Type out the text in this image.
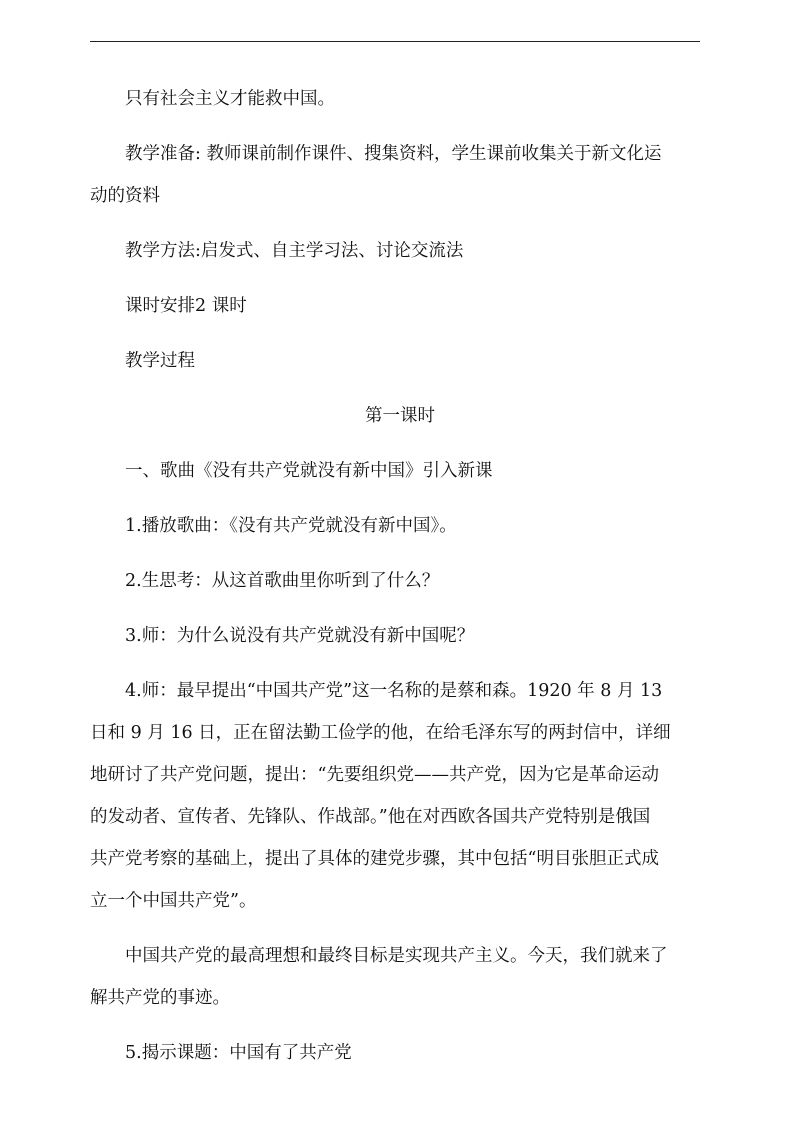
只有社会主义才能救中国。

教学准备: 教师课前制作课件、搜集资料，学生课前收集关于新文化运
动的资料

教学方法:启发式、自主学习法、讨论交流法

课时安排2 课时

教学过程

第一课时

一、歌曲《没有共产党就没有新中国》引入新课

1.播放歌曲：《没有共产党就没有新中国》。

2.生思考：从这首歌曲里你听到了什么？

3.师：为什么说没有共产党就没有新中国呢？

4.师：最早提出“中国共产党”这一名称的是蔡和森。1920 年 8 月 13
日和 9 月 16 日，正在留法勤工俭学的他，在给毛泽东写的两封信中，详细
地研讨了共产党问题，提出：“先要组织党——共产党，因为它是革命运动
的发动者、宣传者、先锋队、作战部。”他在对西欧各国共产党特别是俄国
共产党考察的基础上，提出了具体的建党步骤，其中包括“明目张胆正式成
立一个中国共产党”。

中国共产党的最高理想和最终目标是实现共产主义。今天，我们就来了
解共产党的事迹。

5.揭示课题：中国有了共产党
